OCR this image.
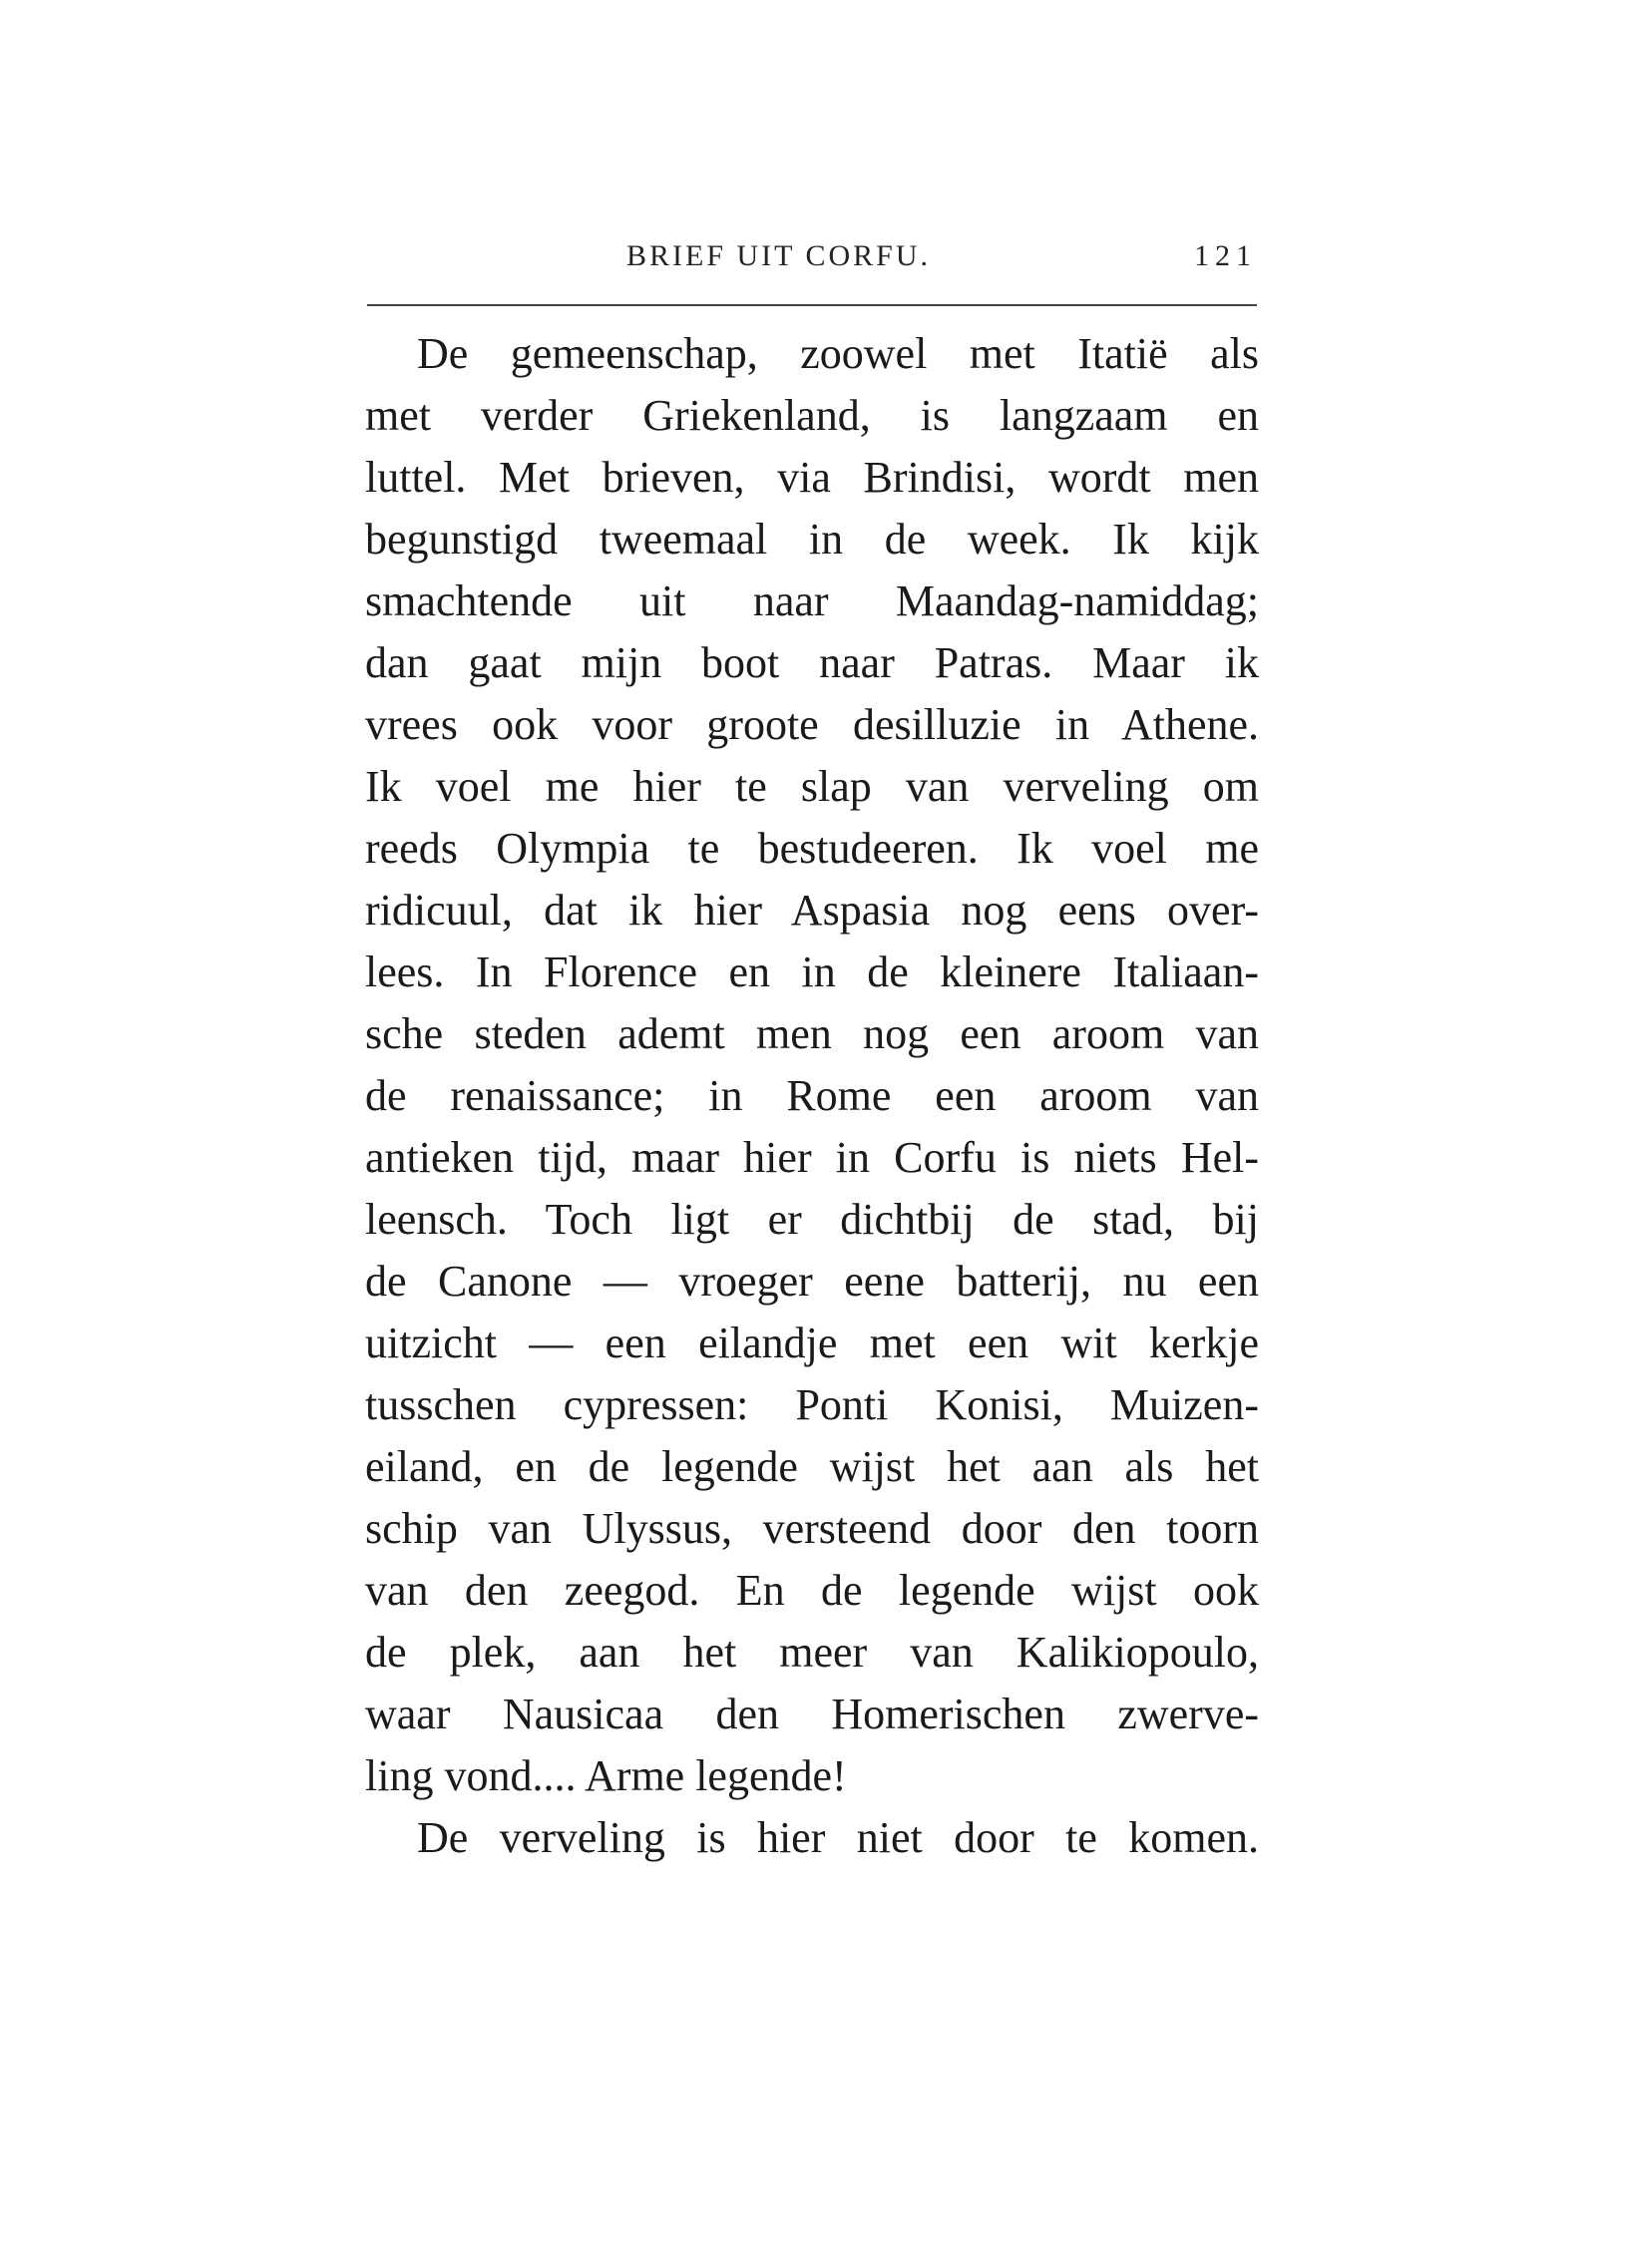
BRIEF UIT CORFU.	121
De gemeenschap, zoowel met Itatië als
met verder Griekenland, is langzaam en
luttel. Met brieven, via Brindisi, wordt men
begunstigd tweemaal in de week. Ik kijk
smachtende uit naar Maandag-namiddag;
dan gaat mijn boot naar Patras. Maar ik
vrees ook voor groote desilluzie in Athene.
Ik voel me hier te slap van verveling om
reeds Olympia te bestudeeren. Ik voel me
ridicuul, dat ik hier Aspasia nog eens over-
lees. In Florence en in de kleinere Italiaan-
sche steden ademt men nog een aroom van
de renaissance; in Rome een aroom van
antieken tijd, maar hier in Corfu is niets Hel-
leensch. Toch ligt er dichtbij de stad, bij
de Canone — vroeger eene batterij, nu een
uitzicht — een eilandje met een wit kerkje
tusschen cypressen: Ponti Konisi, Muizen-
eiland, en de legende wijst het aan als het
schip van Ulyssus, versteend door den toorn
van den zeegod. En de legende wijst ook
de plek, aan het meer van Kalikiopoulo,
waar Nausicaa den Homerischen zwerve-
ling vond.... Arme legende!
De verveling is hier niet door te komen.
